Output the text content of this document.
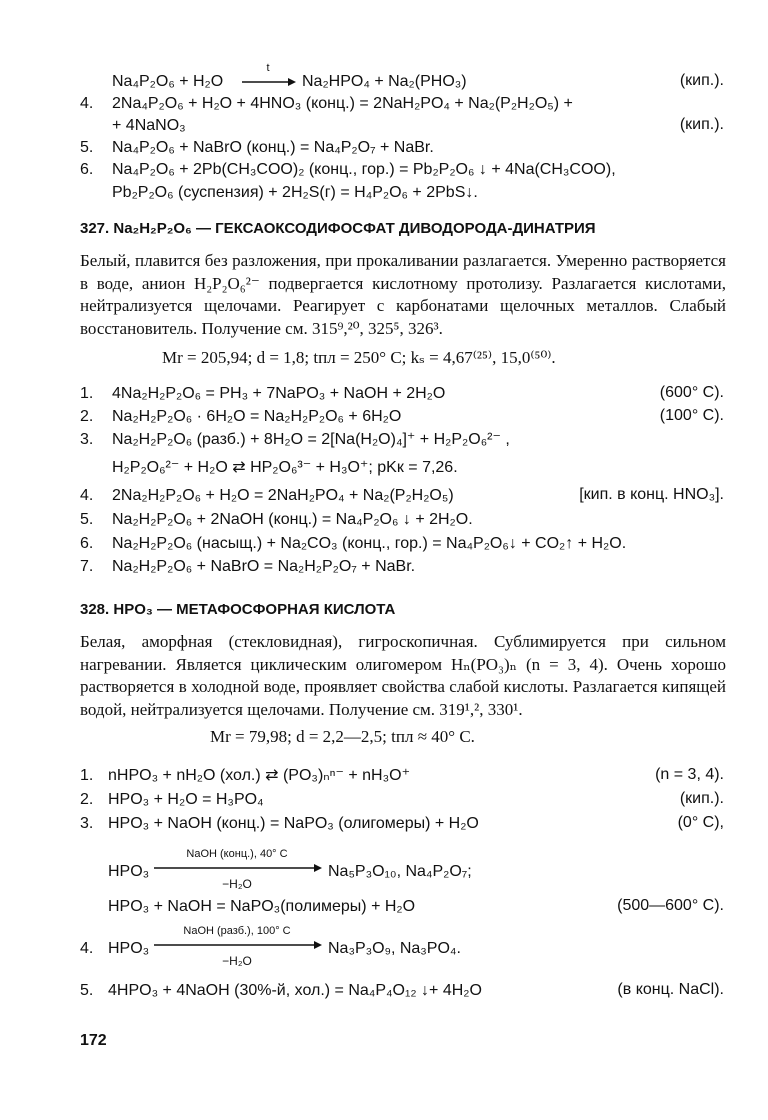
Na₄P₂O₆ + H₂O
t
Na₂HPO₄ + Na₂(PHO₃)	(кип.).
4. 2Na₄P₂O₆ + H₂O + 4HNO₃ (конц.) = 2NaH₂PO₄ + Na₂(P₂H₂O₅) +
+ 4NaNO₃	(кип.).
5. Na₄P₂O₆ + NaBrO (конц.) = Na₄P₂O₇ + NaBr.
6. Na₄P₂O₆ + 2Pb(CH₃COO)₂ (конц., гор.) = Pb₂P₂O₆ ↓ + 4Na(CH₃COO),
Pb₂P₂O₆ (суспензия) + 2H₂S(г) = H₄P₂O₆ + 2PbS↓.
327. Na₂H₂P₂O₆ — ГЕКСАОКСОДИФОСФАТ ДИВОДОРОДА-ДИНАТРИЯ
Белый, плавится без разложения, при прокаливании разлагается. Умеренно растворяется в воде, анион H₂P₂O₆²⁻ подвергается кислотному протолизу. Разлагается кислотами, нейтрализуется щелочами. Реагирует с карбонатами щелочных металлов. Слабый восстановитель. Получение см. 315⁹,²⁰, 325⁵, 326³.
Mr = 205,94; d = 1,8; tпл = 250° C; kₛ = 4,67⁽²⁵⁾, 15,0⁽⁵⁰⁾.
1. 4Na₂H₂P₂O₆ = PH₃ + 7NaPO₃ + NaOH + 2H₂O	(600° C).
2. Na₂H₂P₂O₆ · 6H₂O = Na₂H₂P₂O₆ + 6H₂O	(100° C).
3. Na₂H₂P₂O₆ (разб.) + 8H₂O = 2[Na(H₂O)₄]⁺ + H₂P₂O₆²⁻ ,
H₂P₂O₆²⁻ + H₂O ⇄ HP₂O₆³⁻ + H₃O⁺; pKк = 7,26.
4. 2Na₂H₂P₂O₆ + H₂O = 2NaH₂PO₄ + Na₂(P₂H₂O₅)	[кип. в конц. HNO₃].
5. Na₂H₂P₂O₆ + 2NaOH (конц.) = Na₄P₂O₆ ↓ + 2H₂O.
6. Na₂H₂P₂O₆ (насыщ.) + Na₂CO₃ (конц., гор.) = Na₄P₂O₆↓ + CO₂↑ + H₂O.
7. Na₂H₂P₂O₆ + NaBrO = Na₂H₂P₂O₇ + NaBr.
328. HPO₃ — МЕТАФОСФОРНАЯ КИСЛОТА
Белая, аморфная (стекловидная), гигроскопичная. Сублимируется при сильном нагревании. Является циклическим олигомером Hₙ(PO₃)ₙ (n = 3, 4). Очень хорошо растворяется в холодной воде, проявляет свойства слабой кислоты. Разлагается кипящей водой, нейтрализуется щелочами. Получение см. 319¹,², 330¹.
Mr = 79,98; d = 2,2—2,5; tпл ≈ 40° C.
1. nHPO₃ + nH₂O (хол.) ⇄ (PO₃)ₙⁿ⁻ + nH₃O⁺	(n = 3, 4).
2. HPO₃ + H₂O = H₃PO₄	(кип.).
3. HPO₃ + NaOH (конц.) = NaPO₃ (олигомеры) + H₂O	(0° C),
HPO₃
NaOH (конц.), 40° C
−H₂O
Na₅P₃O₁₀, Na₄P₂O₇;
HPO₃ + NaOH = NaPO₃(полимеры) + H₂O	(500—600° C).
4. HPO₃
NaOH (разб.), 100° C
−H₂O
Na₃P₃O₉, Na₃PO₄.
5. 4HPO₃ + 4NaOH (30%-й, хол.) = Na₄P₄O₁₂ ↓+ 4H₂O	(в конц. NaCl).
172
